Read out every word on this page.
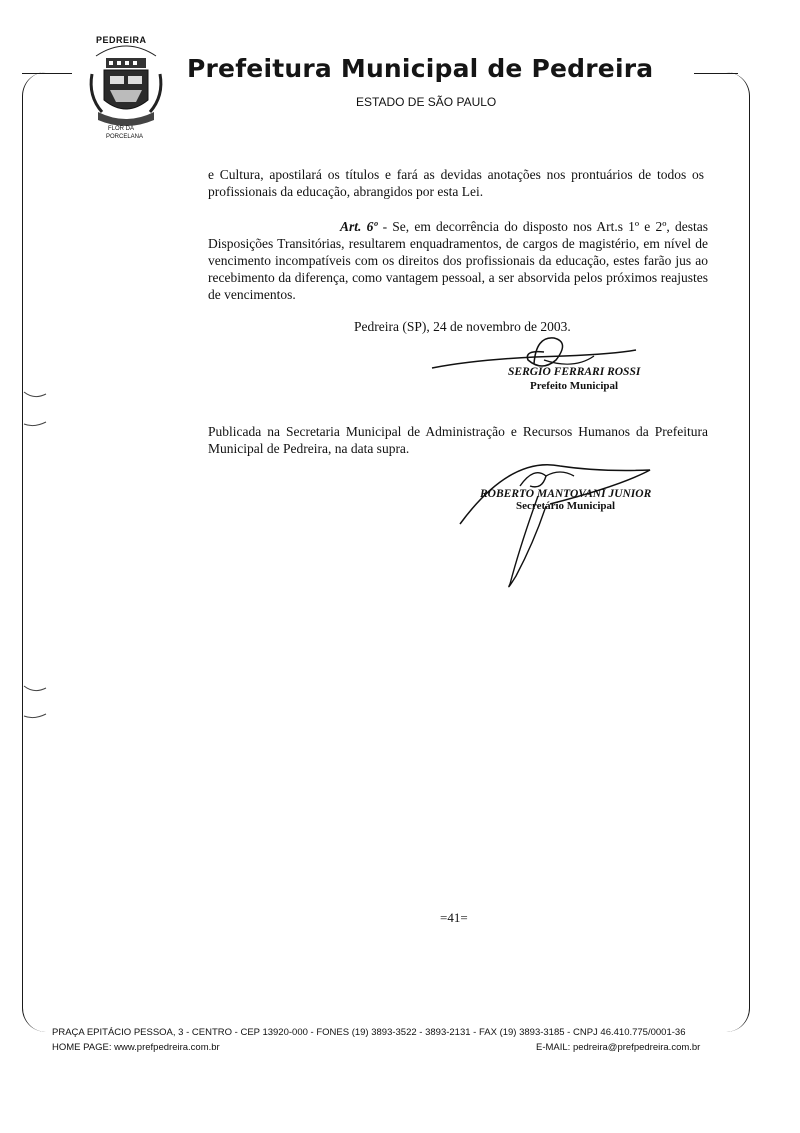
PEDREIRA
FLOR DA
PORCELANA
Prefeitura Municipal de Pedreira
ESTADO DE SÃO PAULO
e Cultura, apostilará os títulos e fará as devidas anotações nos prontuários de todos os profissionais da educação, abrangidos por esta Lei.
Art. 6º - Se, em decorrência do disposto nos Art.s 1º e 2º, destas Disposições Transitórias, resultarem enquadramentos, de cargos de magistério, em nível de vencimento incompatíveis com os direitos dos profissionais da educação, estes farão jus ao recebimento da diferença, como vantagem pessoal, a ser absorvida pelos próximos reajustes de vencimentos.
Pedreira (SP), 24 de novembro de 2003.
SERGIO FERRARI ROSSI
Prefeito Municipal
Publicada na Secretaria Municipal de Administração e Recursos Humanos da Prefeitura Municipal de Pedreira, na data supra.
ROBERTO MANTOVANI JUNIOR
Secretário Municipal
=41=
PRAÇA EPITÁCIO PESSOA, 3 - CENTRO - CEP 13920-000 - FONES (19) 3893-3522 - 3893-2131 - FAX (19) 3893-3185 - CNPJ 46.410.775/0001-36
HOME PAGE: www.prefpedreira.com.br	E-MAIL: pedreira@prefpedreira.com.br
